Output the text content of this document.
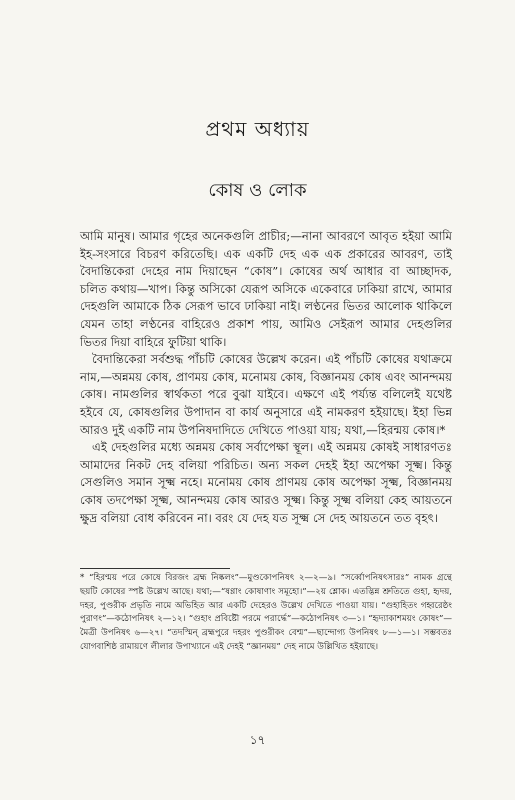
প্রথম অধ্যায়
কোষ ও লোক

আমি মানুষ। আমার গৃহের অনেকগুলি প্রাচীর;—নানা আবরণে আবৃত হইয়া আমি ইহ-সংসারে বিচরণ করিতেছি। এক একটি দেহ এক এক প্রকারের আবরণ, তাই বৈদান্তিকেরা দেহের নাম দিয়াছেন “কোষ”। কোষের অর্থ আধার বা আচ্ছাদক, চলিত কথায়—খাপ। কিন্তু অসিকো যেরূপ অসিকে একেবারে ঢাকিয়া রাখে, আমার দেহগুলি আমাকে ঠিক সেরূপ ভাবে ঢাকিয়া নাই। লণ্ঠনের ভিতর আলোক থাকিলে যেমন তাহা লণ্ঠনের বাহিরেও প্রকাশ পায়, আমিও সেইরূপ আমার দেহগুলির ভিতর দিয়া বাহিরে ফুটিয়া থাকি।

বৈদান্তিকেরা সর্বশুদ্ধ পাঁচটি কোষের উল্লেখ করেন। এই পাঁচটি কোষের যথাক্রমে নাম,—অন্নময় কোষ, প্রাণময় কোষ, মনোময় কোষ, বিজ্ঞানময় কোষ এবং আনন্দময় কোষ। নামগুলির স্বার্থকতা পরে বুঝা যাইবে। এক্ষণে এই পর্য্যন্ত বলিলেই যথেষ্ট হইবে যে, কোষগুলির উপাদান বা কার্য অনুসারে এই নামকরণ হইয়াছে। ইহা ভিন্ন আরও দুই একটি নাম উপনিষদাদিতে দেখিতে পাওয়া যায়; যথা,—হিরন্ময় কোষ।*

এই দেহগুলির মধ্যে অন্নময় কোষ সর্বাপেক্ষা স্থূল। এই অন্নময় কোষই সাধারণতঃ আমাদের নিকট দেহ বলিয়া পরিচিত। অন্য সকল দেহই ইহা অপেক্ষা সূক্ষ্ম। কিন্তু সেগুলিও সমান সূক্ষ্ম নহে। মনোময় কোষ প্রাণময় কোষ অপেক্ষা সূক্ষ্ম, বিজ্ঞানময় কোষ তদপেক্ষা সূক্ষ্ম, আনন্দময় কোষ আরও সূক্ষ্ম। কিন্তু সূক্ষ্ম বলিয়া কেহ আয়তনে ক্ষুদ্র বলিয়া বোধ করিবেন না। বরং যে দেহ যত সূক্ষ্ম সে দেহ আয়তনে তত বৃহৎ।

* “হিরণ্ময় পরে কোষে বিরজং ব্রহ্ম নিষ্কলং”—মুণ্ডকোপনিষৎ ২—২—৯। “সর্ব্বোপনিষৎসারঃ” নামক গ্রন্থে ছয়টি কোষের স্পষ্ট উল্লেখ আছে। যথা;—“ষণ্ণাং কোষাণাং সমূহো।”—২য় শ্লোক। এতদ্ভিন্ন শ্রুতিতে গুহা, হৃদয়, দহর, পুণ্ডরীক প্রভৃতি নামে অভিহিত আর একটি দেহেরও উল্লেখ দেখিতে পাওয়া যায়। “গুহাহিতং গহ্বরেষ্ঠং পুরাণং”—কঠোপনিষৎ ২—১২। “গুহাং প্রবিষ্টৌ পরমে পরার্দ্ধে”—কঠোপনিষৎ ৩—১। “হৃদ্যাকাশময়ং কোষং”—মৈত্রী উপনিষৎ ৬—২৭। “তদস্মিন্ ব্রহ্মপুরে দহরং পুণ্ডরীকং বেশ্ম”—ছান্দোগ্য উপনিষৎ ৮—১—১। সম্ভবতঃ যোগবাশিষ্ঠ রামায়ণে লীলার উপাখ্যানে এই দেহই “জ্ঞানময়” দেহ নামে উল্লিখিত হইয়াছে।
১৭
